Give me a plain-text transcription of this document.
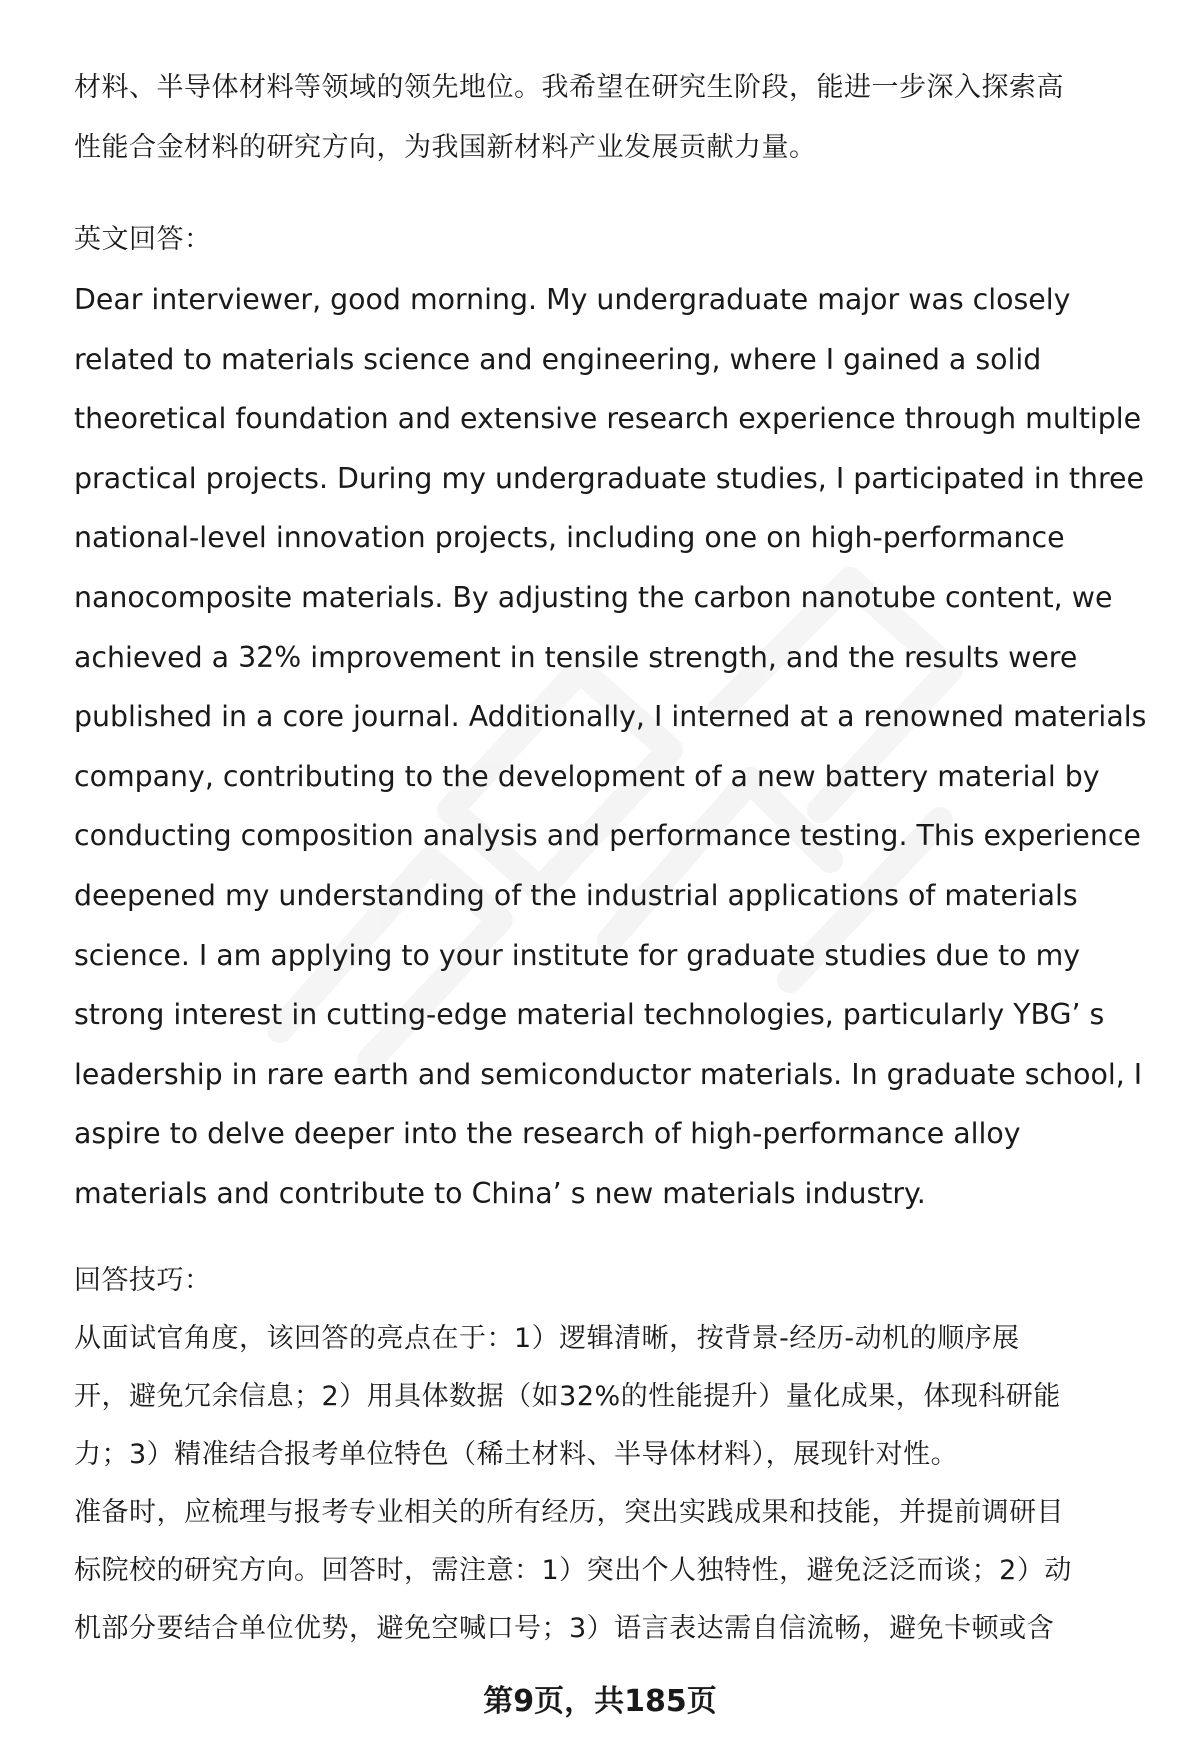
材料、半导体材料等领域的领先地位。我希望在研究生阶段，能进一步深入探索高

性能合金材料的研究方向，为我国新材料产业发展贡献力量。

英文回答：

Dear interviewer, good morning. My undergraduate major was closely

related to materials science and engineering, where I gained a solid

theoretical foundation and extensive research experience through multiple

practical projects. During my undergraduate studies, I participated in three

national-level innovation projects, including one on high-performance

nanocomposite materials. By adjusting the carbon nanotube content, we

achieved a 32% improvement in tensile strength, and the results were

published in a core journal. Additionally, I interned at a renowned materials

company, contributing to the development of a new battery material by

conducting composition analysis and performance testing. This experience

deepened my understanding of the industrial applications of materials

science. I am applying to your institute for graduate studies due to my

strong interest in cutting-edge material technologies, particularly YBG’ s

leadership in rare earth and semiconductor materials. In graduate school, I

aspire to delve deeper into the research of high-performance alloy

materials and contribute to China’ s new materials industry.

回答技巧：

从面试官角度，该回答的亮点在于：1）逻辑清晰，按背景-经历-动机的顺序展

开，避免冗余信息；2）用具体数据（如32%的性能提升）量化成果，体现科研能

力；3）精准结合报考单位特色（稀土材料、半导体材料），展现针对性。

准备时，应梳理与报考专业相关的所有经历，突出实践成果和技能，并提前调研目

标院校的研究方向。回答时，需注意：1）突出个人独特性，避免泛泛而谈；2）动

机部分要结合单位优势，避免空喊口号；3）语言表达需自信流畅，避免卡顿或含

第9页，共185页
